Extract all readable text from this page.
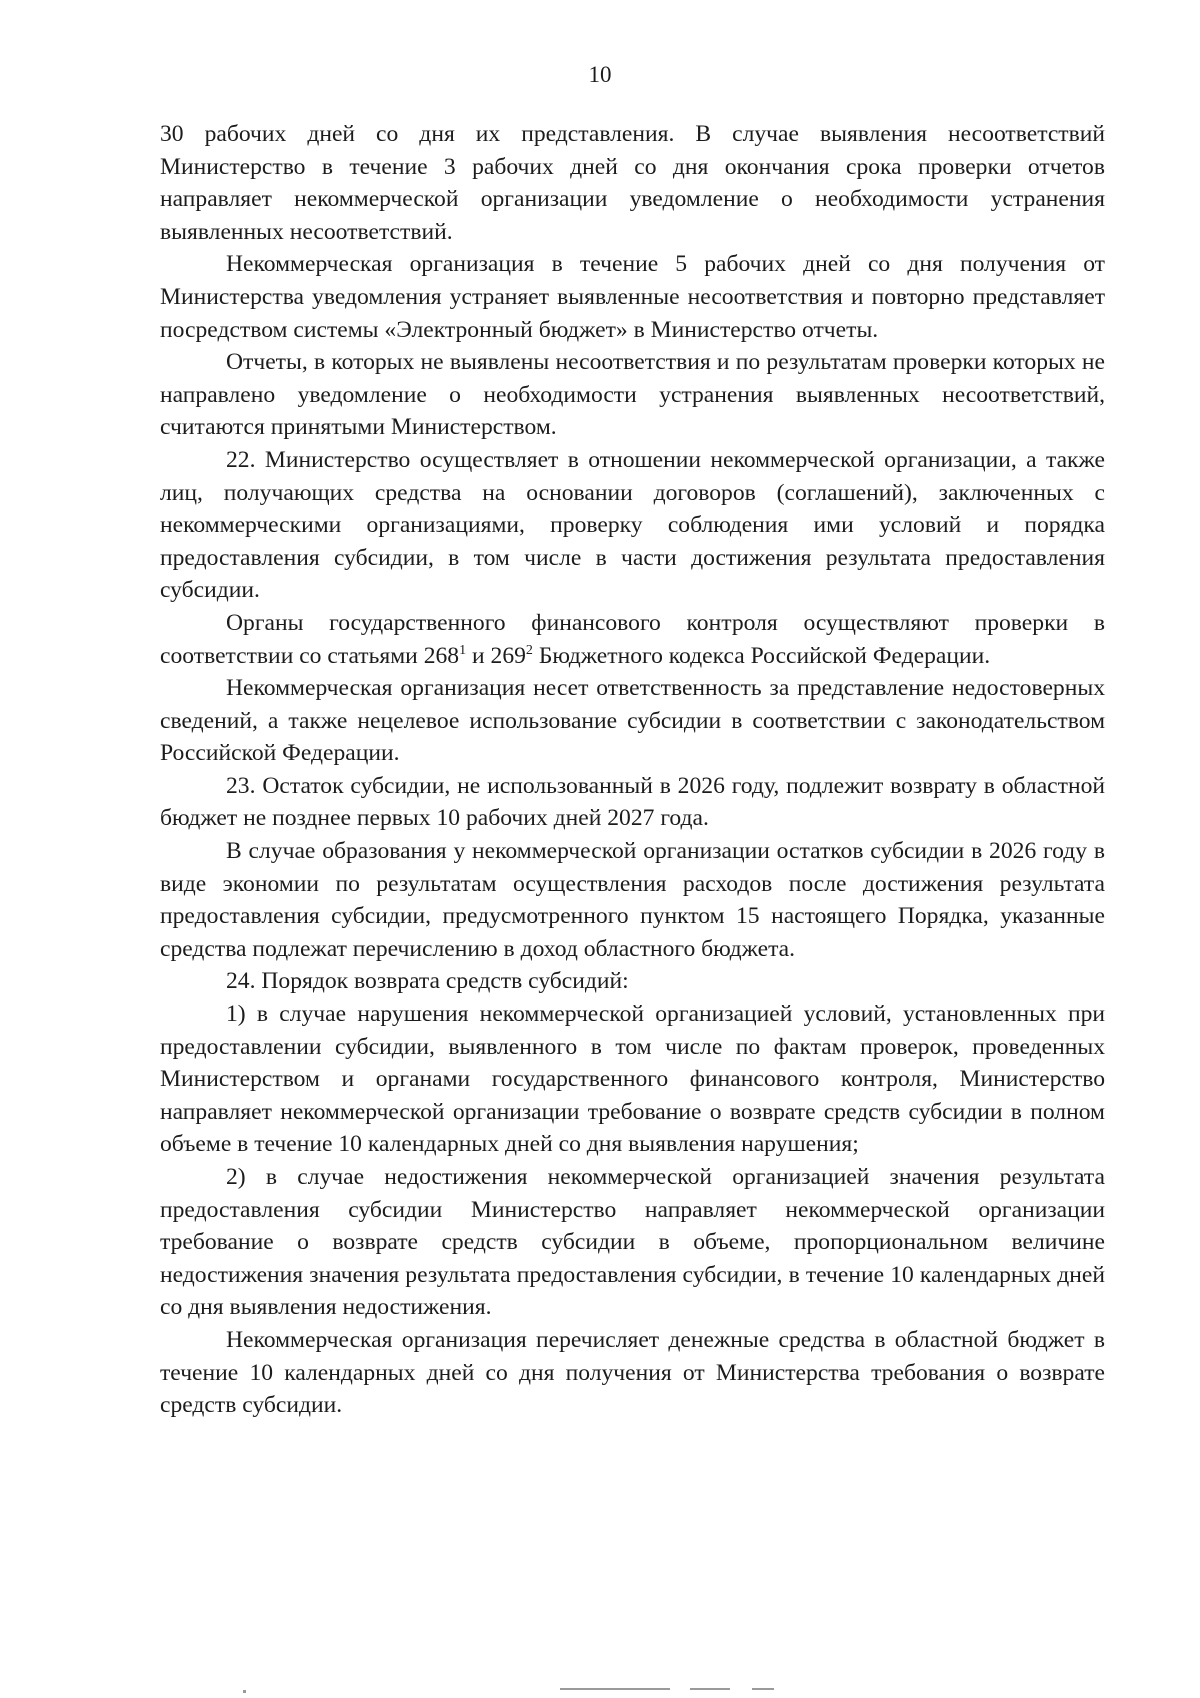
10

30 рабочих дней со дня их представления. В случае выявления несоответствий Министерство в течение 3 рабочих дней со дня окончания срока проверки отчетов направляет некоммерческой организации уведомление о необходимости устранения выявленных несоответствий.

Некоммерческая организация в течение 5 рабочих дней со дня получения от Министерства уведомления устраняет выявленные несоответствия и повторно представляет посредством системы «Электронный бюджет» в Министерство отчеты.

Отчеты, в которых не выявлены несоответствия и по результатам проверки которых не направлено уведомление о необходимости устранения выявленных несоответствий, считаются принятыми Министерством.

22. Министерство осуществляет в отношении некоммерческой организации, а также лиц, получающих средства на основании договоров (соглашений), заключенных с некоммерческими организациями, проверку соблюдения ими условий и порядка предоставления субсидии, в том числе в части достижения результата предоставления субсидии.

Органы государственного финансового контроля осуществляют проверки в соответствии со статьями $268^1$ и $269^2$ Бюджетного кодекса Российской Федерации.

Некоммерческая организация несет ответственность за представление недостоверных сведений, а также нецелевое использование субсидии в соответствии с законодательством Российской Федерации.

23. Остаток субсидии, не использованный в 2026 году, подлежит возврату в областной бюджет не позднее первых 10 рабочих дней 2027 года.

В случае образования у некоммерческой организации остатков субсидии в 2026 году в виде экономии по результатам осуществления расходов после достижения результата предоставления субсидии, предусмотренного пунктом 15 настоящего Порядка, указанные средства подлежат перечислению в доход областного бюджета.

24. Порядок возврата средств субсидий:

1) в случае нарушения некоммерческой организацией условий, установленных при предоставлении субсидии, выявленного в том числе по фактам проверок, проведенных Министерством и органами государственного финансового контроля, Министерство направляет некоммерческой организации требование о возврате средств субсидии в полном объеме в течение 10 календарных дней со дня выявления нарушения;

2) в случае недостижения некоммерческой организацией значения результата предоставления субсидии Министерство направляет некоммерческой организации требование о возврате средств субсидии в объеме, пропорциональном величине недостижения значения результата предоставления субсидии, в течение 10 календарных дней со дня выявления недостижения.

Некоммерческая организация перечисляет денежные средства в областной бюджет в течение 10 календарных дней со дня получения от Министерства требования о возврате средств субсидии.
